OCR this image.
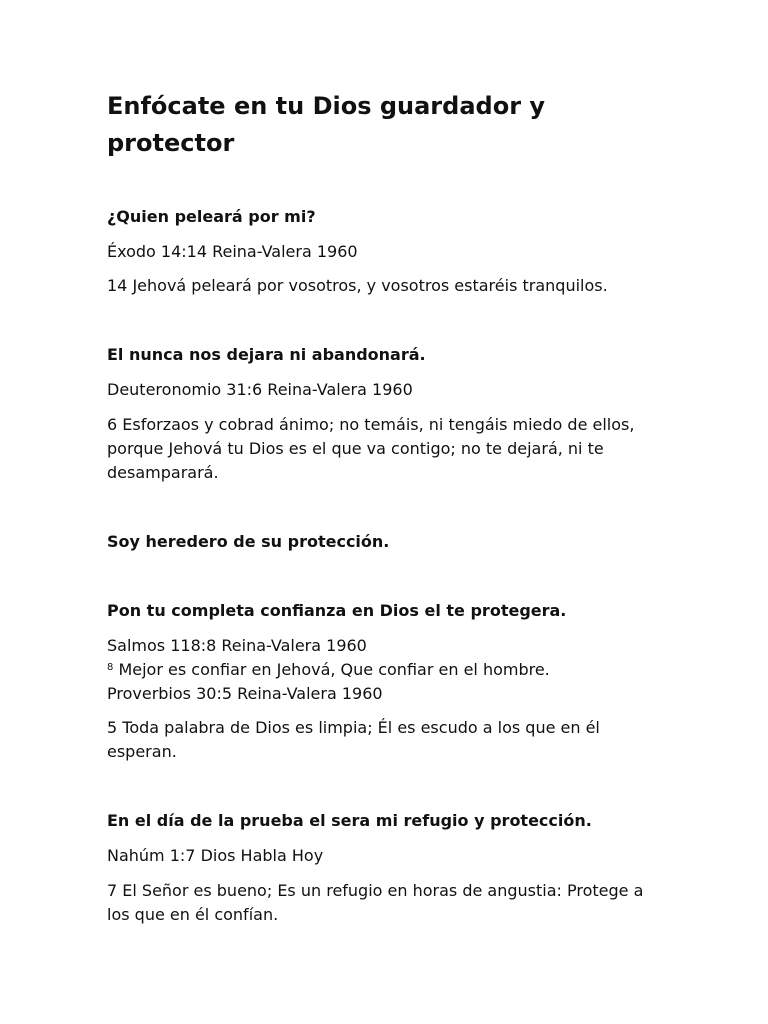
Enfócate en tu Dios guardador y protector

¿Quien peleará por mi?

Éxodo 14:14 Reina-Valera 1960

14 Jehová peleará por vosotros, y vosotros estaréis tranquilos.

El nunca nos dejara ni abandonará.

Deuteronomio 31:6 Reina-Valera 1960

6 Esforzaos y cobrad ánimo; no temáis, ni tengáis miedo de ellos, porque Jehová tu Dios es el que va contigo; no te dejará, ni te desamparará.

Soy heredero de su protección.

Pon tu completa confianza en Dios el te protegera.

Salmos 118:8 Reina-Valera 1960

$^8$ Mejor es confiar en Jehová, Que confiar en el hombre.

Proverbios 30:5 Reina-Valera 1960

5 Toda palabra de Dios es limpia; Él es escudo a los que en él esperan.

En el día de la prueba el sera mi refugio y protección.

Nahúm 1:7 Dios Habla Hoy

7 El Señor es bueno; Es un refugio en horas de angustia: Protege a los que en él confían.
